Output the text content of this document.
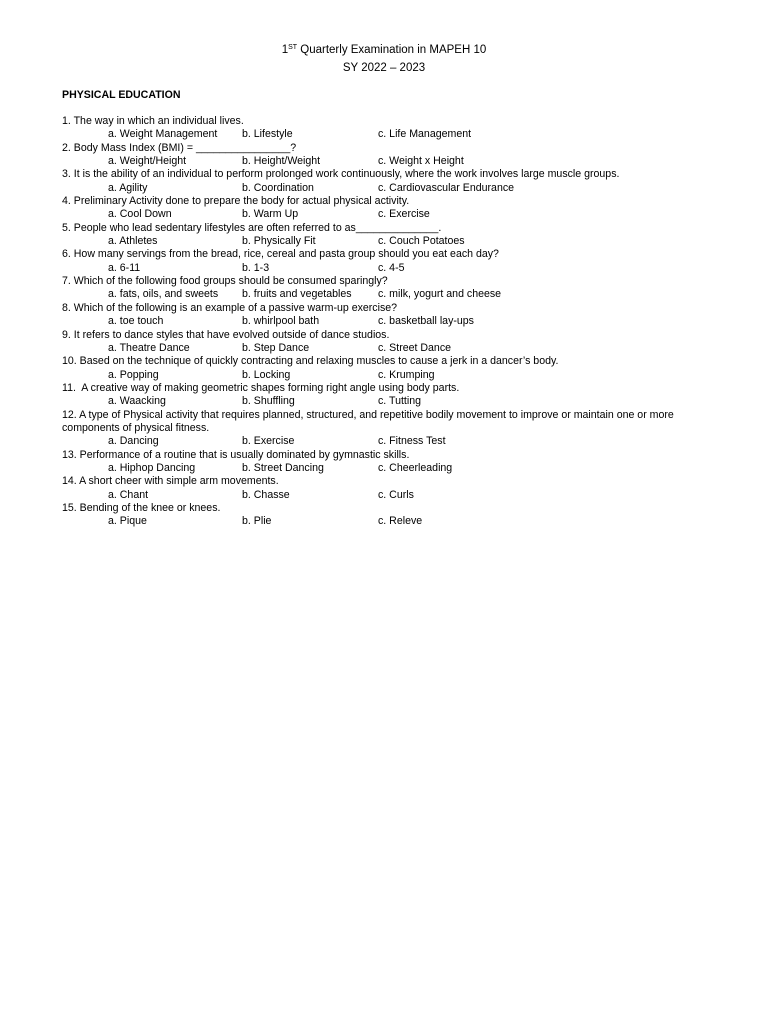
1ST Quarterly Examination in MAPEH 10
SY 2022 – 2023
PHYSICAL EDUCATION
1. The way in which an individual lives.
a. Weight Management b. Lifestyle	c. Life Management
2. Body Mass Index (BMI) = ________________?
a. Weight/Height	b. Height/Weight	c. Weight x Height
3. It is the ability of an individual to perform prolonged work continuously, where the work involves large muscle groups.
a. Agility	b. Coordination	c. Cardiovascular Endurance
4. Preliminary Activity done to prepare the body for actual physical activity.
a. Cool Down	b. Warm Up	c. Exercise
5. People who lead sedentary lifestyles are often referred to as______________.
a. Athletes	b. Physically Fit	c. Couch Potatoes
6. How many servings from the bread, rice, cereal and pasta group should you eat each day?
a. 6-11	b. 1-3	c. 4-5
7. Which of the following food groups should be consumed sparingly?
a. fats, oils, and sweets b. fruits and vegetables c. milk, yogurt and cheese
8. Which of the following is an example of a passive warm-up exercise?
a. toe touch	b. whirlpool bath	c. basketball lay-ups
9. It refers to dance styles that have evolved outside of dance studios.
a. Theatre Dance	b. Step Dance	c. Street Dance
10. Based on the technique of quickly contracting and relaxing muscles to cause a jerk in a dancer’s body.
a. Popping	b. Locking	c. Krumping
11.  A creative way of making geometric shapes forming right angle using body parts.
a. Waacking	b. Shuffling	c. Tutting
12. A type of Physical activity that requires planned, structured, and repetitive bodily movement to improve or maintain one or more components of physical fitness.
a. Dancing	b. Exercise	c. Fitness Test
13. Performance of a routine that is usually dominated by gymnastic skills.
a. Hiphop Dancing	b. Street Dancing	c. Cheerleading
14. A short cheer with simple arm movements.
a. Chant	b. Chasse	c. Curls
15. Bending of the knee or knees.
a. Pique	b. Plie	c. Releve
